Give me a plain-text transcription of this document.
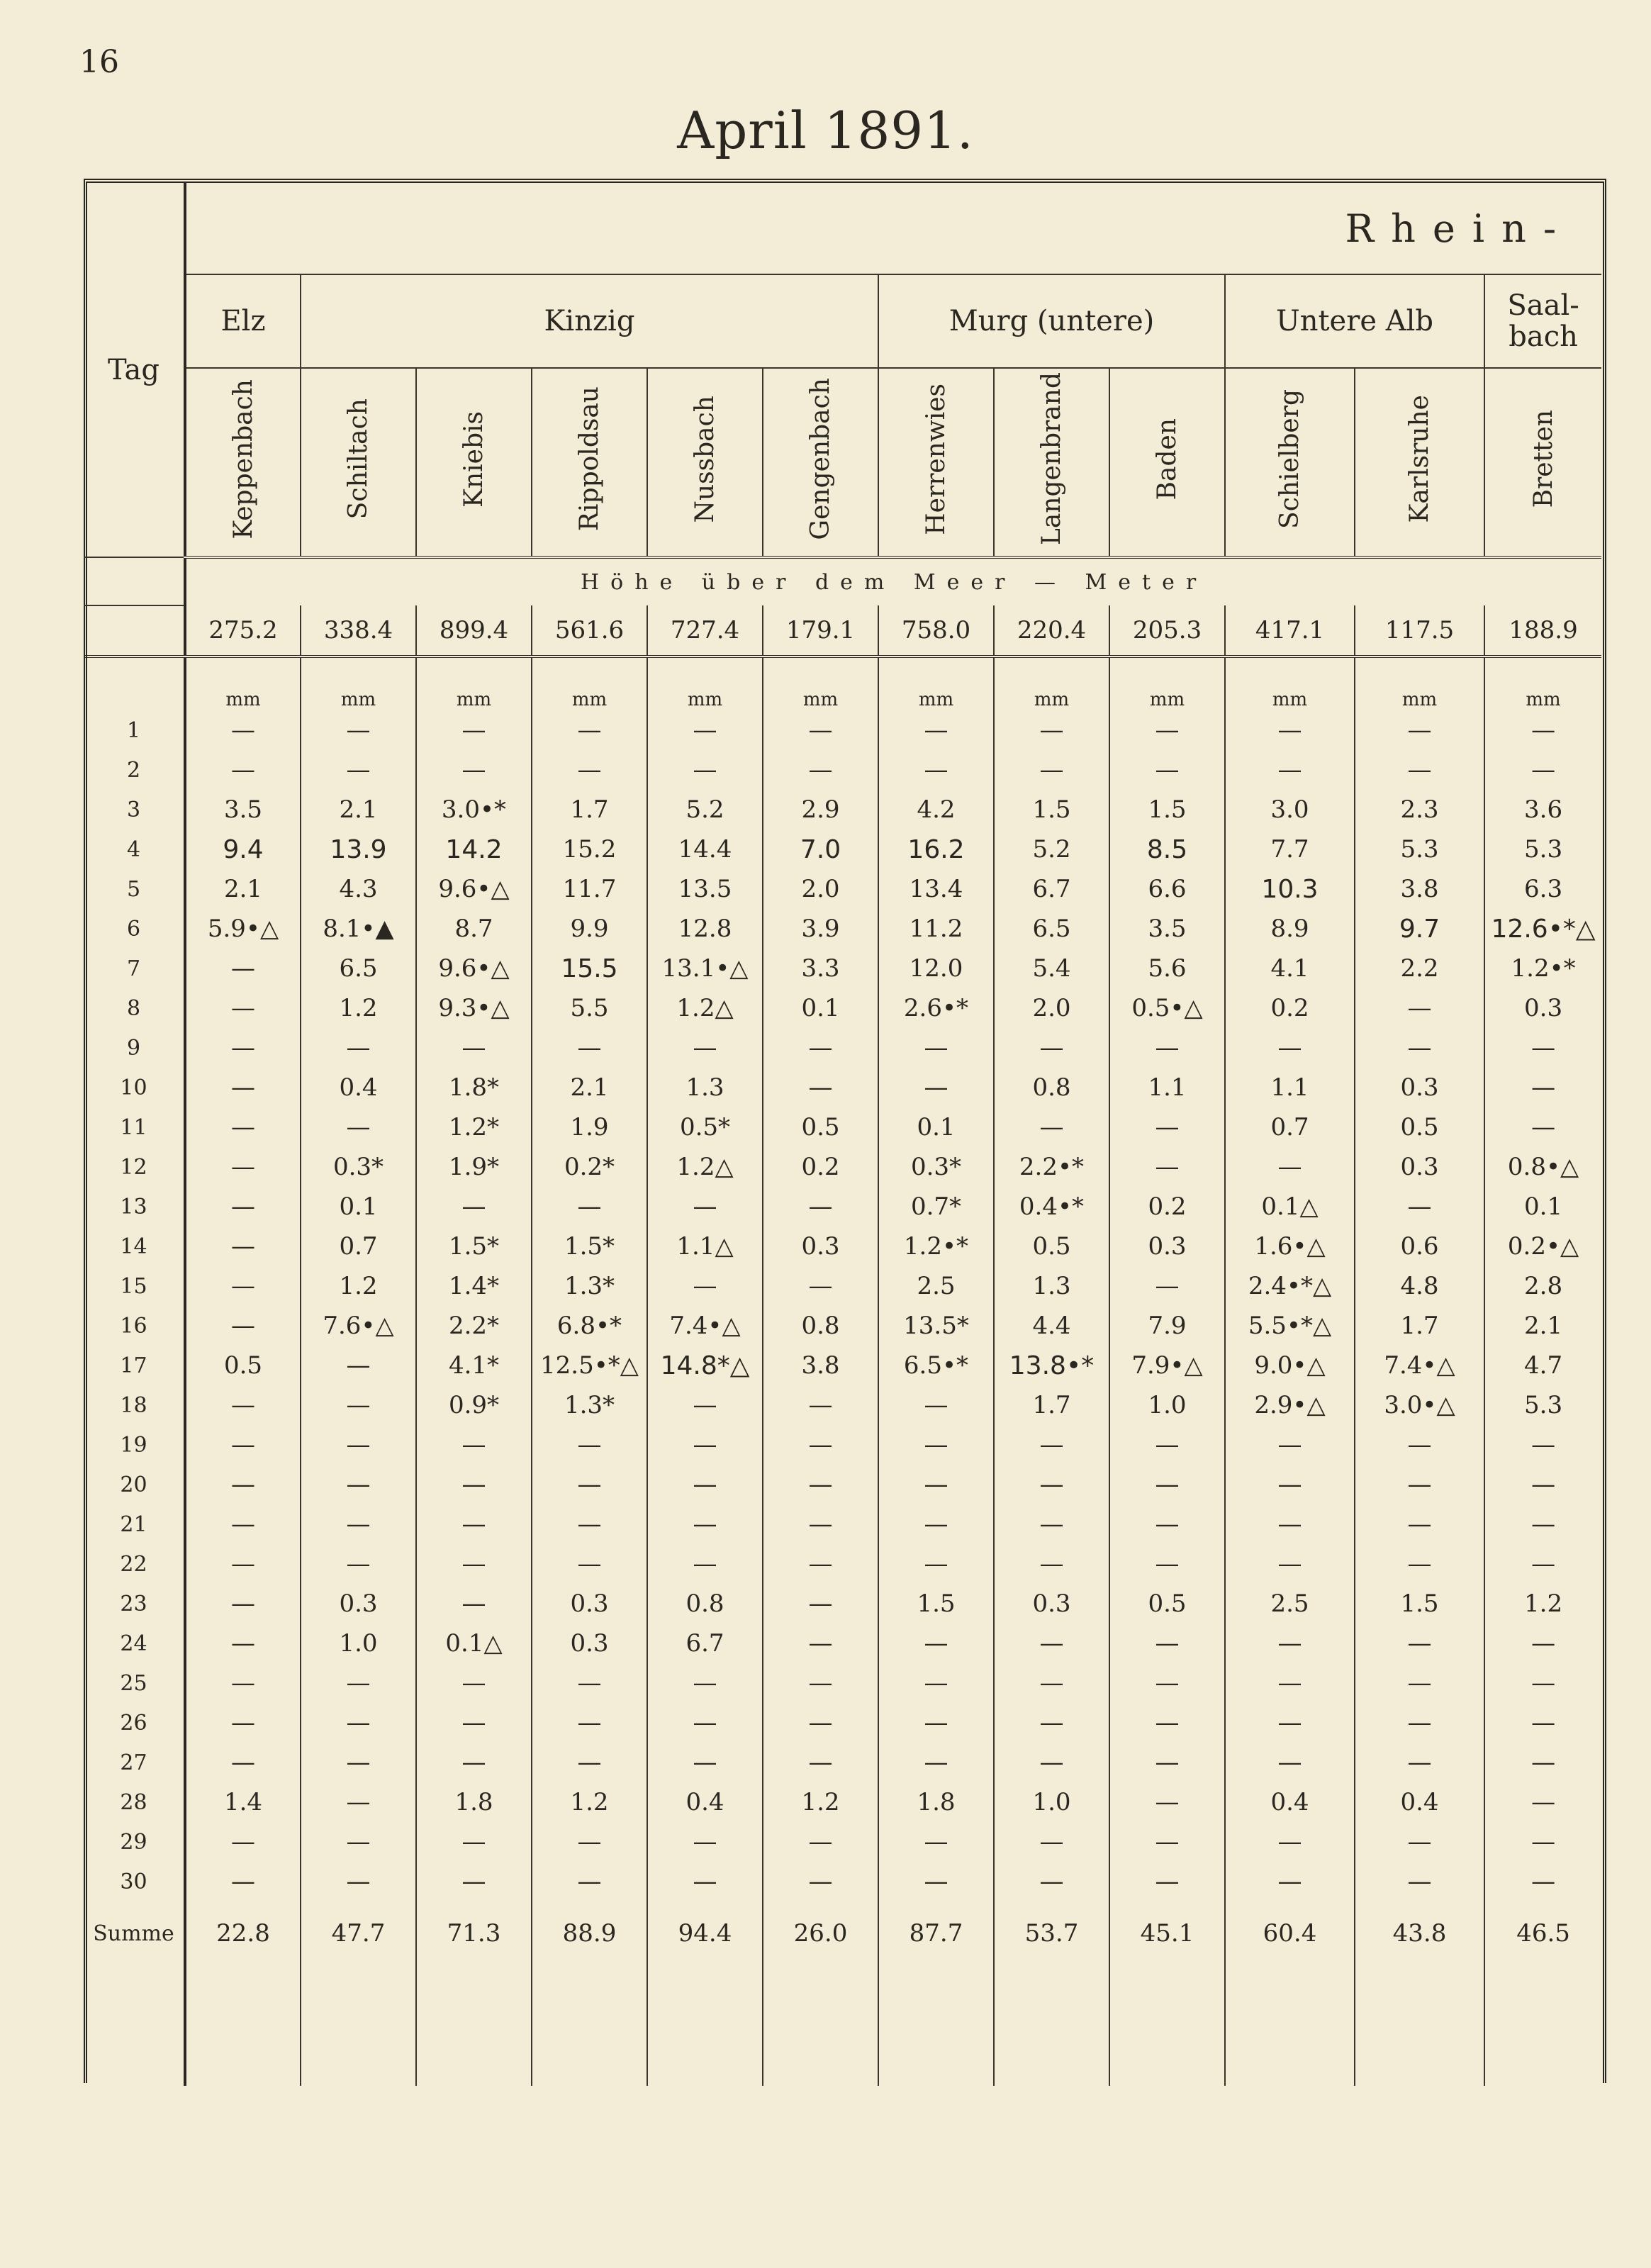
16
April 1891.
Tag	Rhein-											
	Elz	Kinzig					Murg (untere)			Untere Alb		Saal-bach
	Keppenbach	Schiltach	Kniebis	Rippoldsau	Nussbach	Gengenbach	Herrenwies	Langenbrand	Baden	Schielberg	Karlsruhe	Bretten
	Höhe über dem Meer — Meter											
	275.2	338.4	899.4	561.6	727.4	179.1	758.0	220.4	205.3	417.1	117.5	188.9
	mm	mm	mm	mm	mm	mm	mm	mm	mm	mm	mm	mm
1	—	—	—	—	—	—	—	—	—	—	—	—
2	—	—	—	—	—	—	—	—	—	—	—	—
3	3.5	2.1	3.0•*	1.7	5.2	2.9	4.2	1.5	1.5	3.0	2.3	3.6
4	9.4	13.9	14.2	15.2	14.4	7.0	16.2	5.2	8.5	7.7	5.3	5.3
5	2.1	4.3	9.6•△	11.7	13.5	2.0	13.4	6.7	6.6	10.3	3.8	6.3
6	5.9•△	8.1•▲	8.7	9.9	12.8	3.9	11.2	6.5	3.5	8.9	9.7	12.6•*△
7	—	6.5	9.6•△	15.5	13.1•△	3.3	12.0	5.4	5.6	4.1	2.2	1.2•*
8	—	1.2	9.3•△	5.5	1.2△	0.1	2.6•*	2.0	0.5•△	0.2	—	0.3
9	—	—	—	—	—	—	—	—	—	—	—	—
10	—	0.4	1.8*	2.1	1.3	—	—	0.8	1.1	1.1	0.3	—
11	—	—	1.2*	1.9	0.5*	0.5	0.1	—	—	0.7	0.5	—
12	—	0.3*	1.9*	0.2*	1.2△	0.2	0.3*	2.2•*	—	—	0.3	0.8•△
13	—	0.1	—	—	—	—	0.7*	0.4•*	0.2	0.1△	—	0.1
14	—	0.7	1.5*	1.5*	1.1△	0.3	1.2•*	0.5	0.3	1.6•△	0.6	0.2•△
15	—	1.2	1.4*	1.3*	—	—	2.5	1.3	—	2.4•*△	4.8	2.8
16	—	7.6•△	2.2*	6.8•*	7.4•△	0.8	13.5*	4.4	7.9	5.5•*△	1.7	2.1
17	0.5	—	4.1*	12.5•*△	14.8*△	3.8	6.5•*	13.8•*	7.9•△	9.0•△	7.4•△	4.7
18	—	—	0.9*	1.3*	—	—	—	1.7	1.0	2.9•△	3.0•△	5.3
19	—	—	—	—	—	—	—	—	—	—	—	—
20	—	—	—	—	—	—	—	—	—	—	—	—
21	—	—	—	—	—	—	—	—	—	—	—	—
22	—	—	—	—	—	—	—	—	—	—	—	—
23	—	0.3	—	0.3	0.8	—	1.5	0.3	0.5	2.5	1.5	1.2
24	—	1.0	0.1△	0.3	6.7	—	—	—	—	—	—	—
25	—	—	—	—	—	—	—	—	—	—	—	—
26	—	—	—	—	—	—	—	—	—	—	—	—
27	—	—	—	—	—	—	—	—	—	—	—	—
28	1.4	—	1.8	1.2	0.4	1.2	1.8	1.0	—	0.4	0.4	—
29	—	—	—	—	—	—	—	—	—	—	—	—
30	—	—	—	—	—	—	—	—	—	—	—	—
Summe	22.8	47.7	71.3	88.9	94.4	26.0	87.7	53.7	45.1	60.4	43.8	46.5
